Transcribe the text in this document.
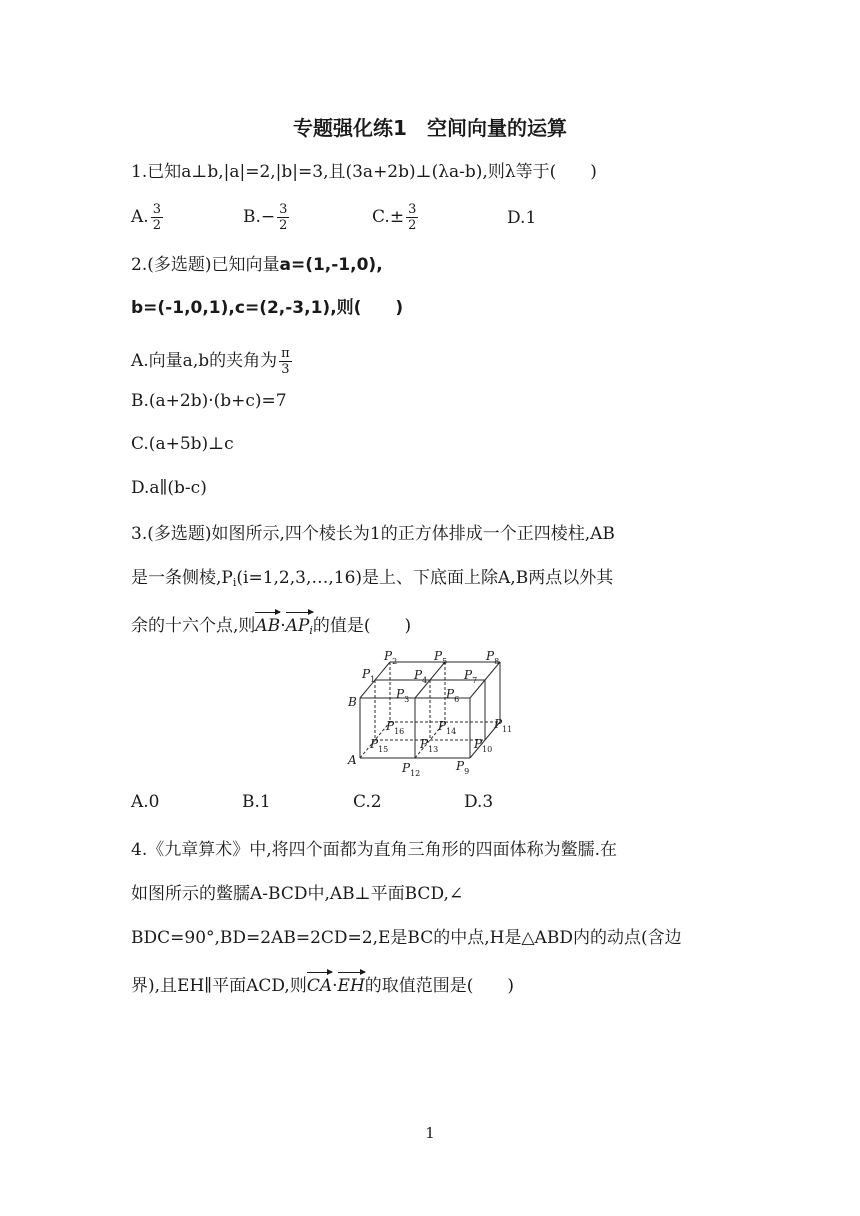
专题强化练1　空间向量的运算
1.已知a⊥b,|a|=2,|b|=3,且(3a+2b)⊥(λa-b),则λ等于(　　)
A. $\frac{3}{2}$	$B.- \frac{3}{2}$	$C.\pm \frac{3}{2}$	D.1
2.(多选题)已知向量a=(1,-1,0),
b=(-1,0,1),c=(2,-3,1),则(　　)
A.向量a,b的夹角为 $\frac{\pi}{3}$
B.(a+2b)·(b+c)=7
C.(a+5b)⊥c
D.a∥(b-c)
3.(多选题)如图所示,四个棱长为1的正方体排成一个正四棱柱,AB
是一条侧棱$,P_i(i=1,2,3,\dots,16)$是上、下底面上除A,B两点以外其
余的十六个点,则$AB\cdot AP_i$的值是(　　)
A
B
$P_1$
$P_2$
$P_3$
$P_4$
$P_5$
$P_6$
$P_7$
$P_8$
$P_9$
$P_{10}$
$P_{11}$
$P_{12}$
$P_{13}$
$P_{14}$
$P_{15}$
$P_{16}$
A.0	B.1	C.2	D.3
4.《九章算术》中,将四个面都为直角三角形的四面体称为鳖臑.在
如图所示的鳖臑A-BCD中,AB⊥平面BCD,∠
BDC=90°,BD=2AB=2CD=2,E是BC的中点,H是△ABD内的动点(含边
界),且EH∥平面ACD,则CA·EH的取值范围是(　　)
1
